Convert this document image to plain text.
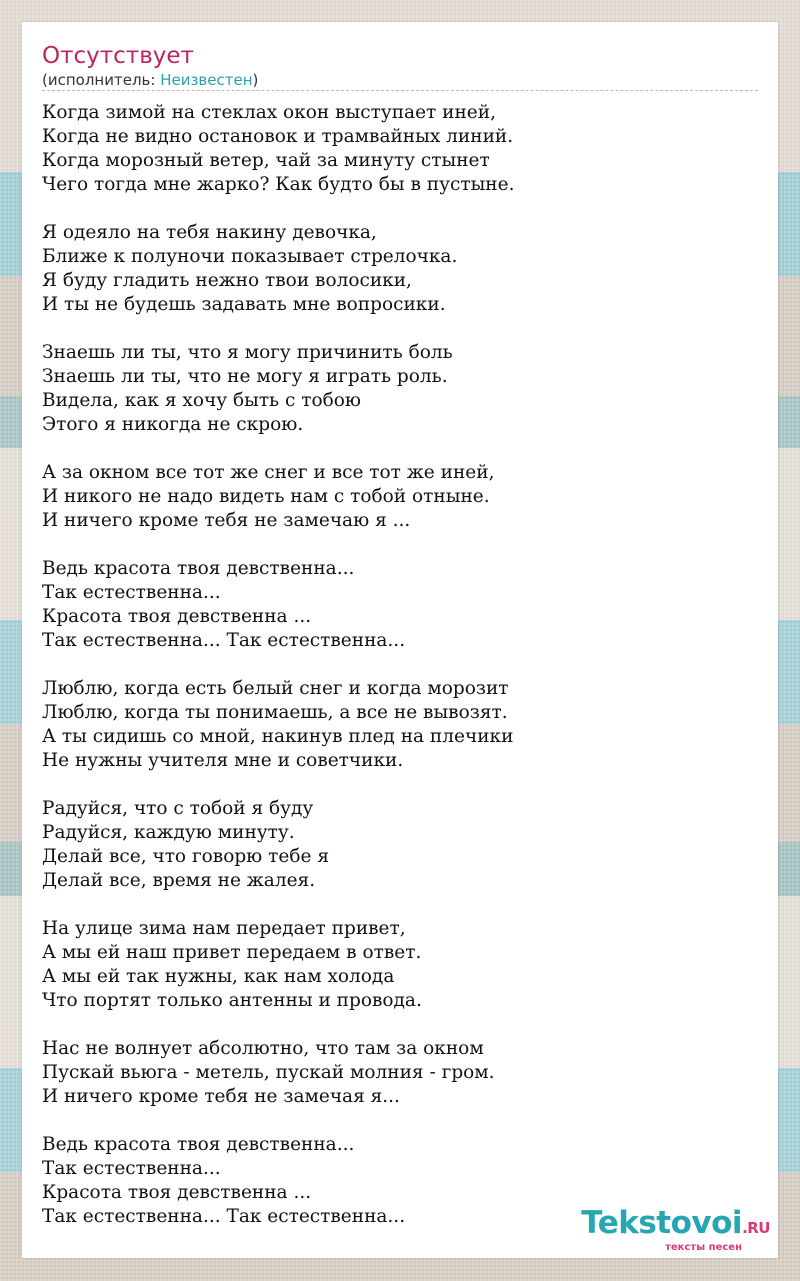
Отсутствует
(исполнитель: Неизвестен)
Когда зимой на стеклах окон выступает иней,
Когда не видно остановок и трамвайных линий.
Когда морозный ветер, чай за минуту стынет
Чего тогда мне жарко? Как будто бы в пустыне.
Я одеяло на тебя накину девочка,
Ближе к полуночи показывает стрелочка.
Я буду гладить нежно твои волосики,
И ты не будешь задавать мне вопросики.
Знаешь ли ты, что я могу причинить боль
Знаешь ли ты, что не могу я играть роль.
Видела, как я хочу быть с тобою
Этого я никогда не скрою.
А за окном все тот же снег и все тот же иней,
И никого не надо видеть нам с тобой отныне.
И ничего кроме тебя не замечаю я ...
Ведь красота твоя девственна...
Так естественна...
Красота твоя девственна ...
Так естественна... Так естественна...
Люблю, когда есть белый снег и когда морозит
Люблю, когда ты понимаешь, а все не вывозят.
А ты сидишь со мной, накинув плед на плечики
Не нужны учителя мне и советчики.
Радуйся, что с тобой я буду
Радуйся, каждую минуту.
Делай все, что говорю тебе я
Делай все, время не жалея.
На улице зима нам передает привет,
А мы ей наш привет передаем в ответ.
А мы ей так нужны, как нам холода
Что портят только антенны и провода.
Нас не волнует абсолютно, что там за окном
Пускай вьюга - метель, пускай молния - гром.
И ничего кроме тебя не замечая я...
Ведь красота твоя девственна...
Так естественна...
Красота твоя девственна ...
Так естественна... Так естественна...	Tekstovoi.RU
тексты песен
